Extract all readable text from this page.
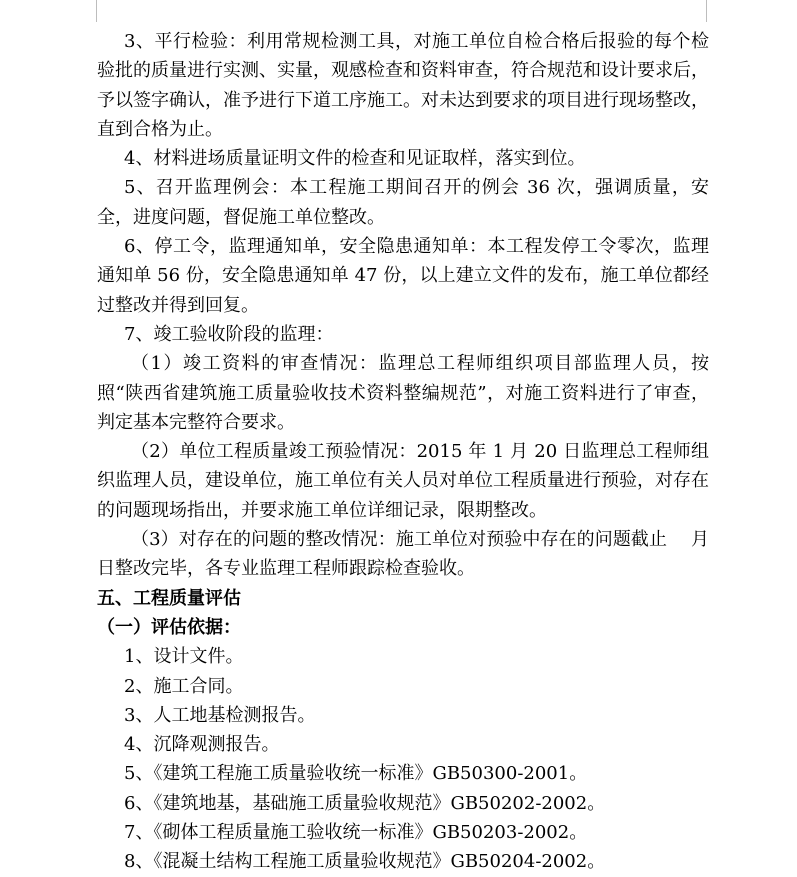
3、平行检验：利用常规检测工具，对施工单位自检合格后报验的每个检验批的质量进行实测、实量，观感检查和资料审查，符合规范和设计要求后，予以签字确认，准予进行下道工序施工。对未达到要求的项目进行现场整改，直到合格为止。

4、材料进场质量证明文件的检查和见证取样，落实到位。

5、召开监理例会：本工程施工期间召开的例会 36 次，强调质量，安全，进度问题，督促施工单位整改。

6、停工令，监理通知单，安全隐患通知单：本工程发停工令零次，监理通知单 56 份，安全隐患通知单 47 份，以上建立文件的发布，施工单位都经过整改并得到回复。

7、竣工验收阶段的监理：

（1）竣工资料的审查情况：监理总工程师组织项目部监理人员，按照“陕西省建筑施工质量验收技术资料整编规范”，对施工资料进行了审查，判定基本完整符合要求。

（2）单位工程质量竣工预验情况：2015 年 1 月 20 日监理总工程师组织监理人员，建设单位，施工单位有关人员对单位工程质量进行预验，对存在的问题现场指出，并要求施工单位详细记录，限期整改。

（3）对存在的问题的整改情况：施工单位对预验中存在的问题截止　 月　日整改完毕，各专业监理工程师跟踪检查验收。

五、工程质量评估

（一）评估依据：

1、设计文件。

2、施工合同。

3、人工地基检测报告。

4、沉降观测报告。

5、《建筑工程施工质量验收统一标准》GB50300-2001。

6、《建筑地基，基础施工质量验收规范》GB50202-2002。

7、《砌体工程质量施工验收统一标准》GB50203-2002。

8、《混凝土结构工程施工质量验收规范》GB50204-2002。
